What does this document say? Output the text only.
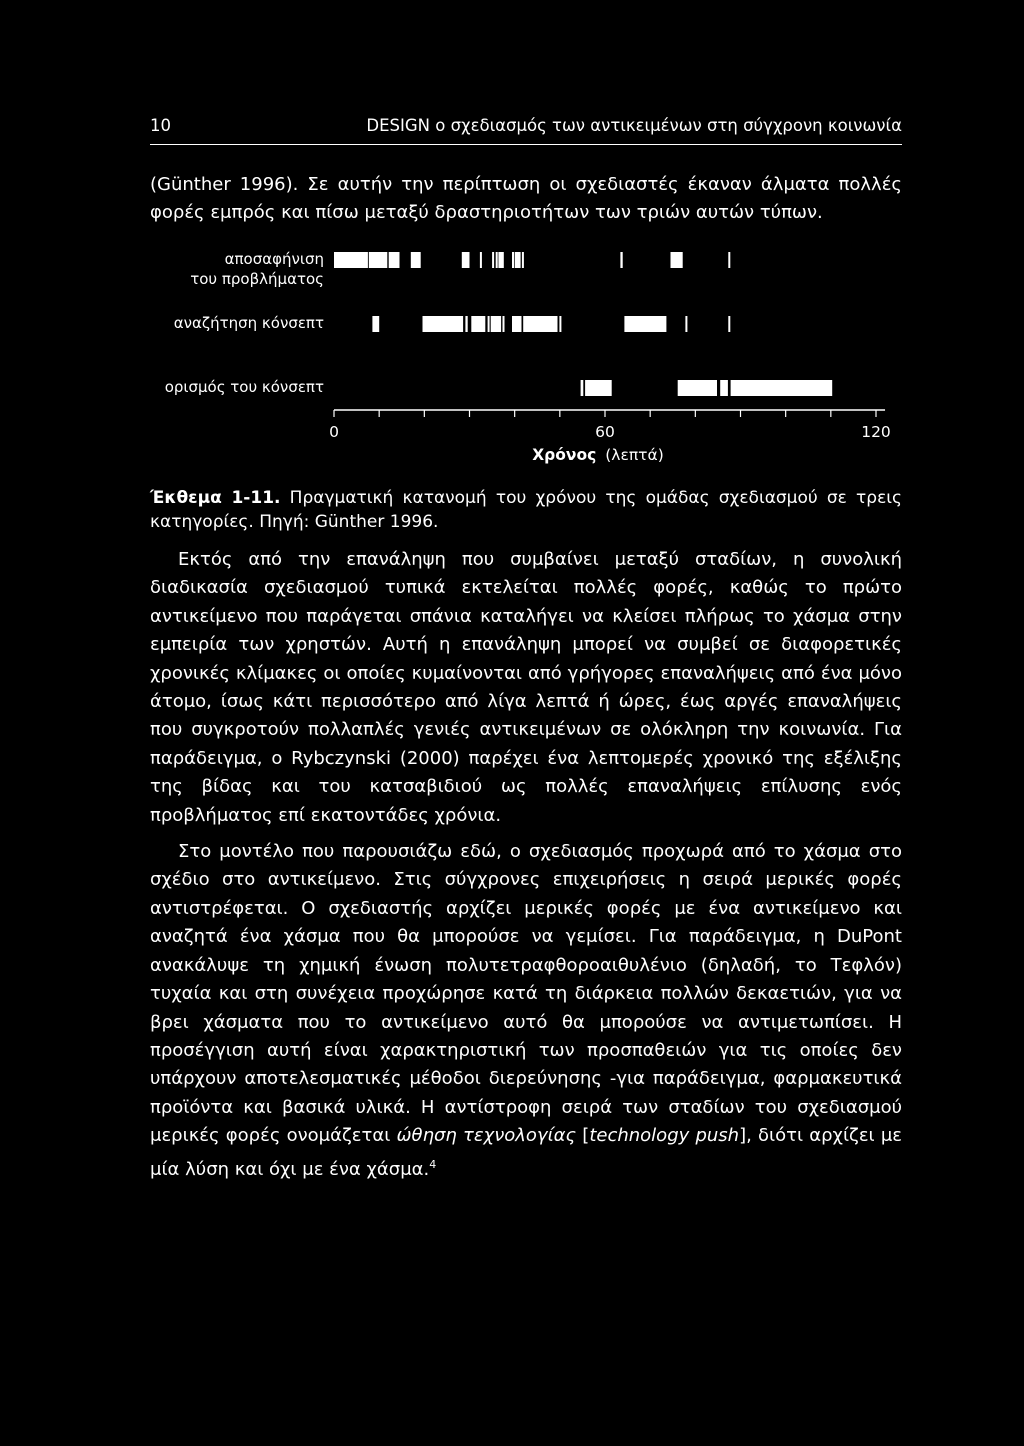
10	DESIGN ο σχεδιασμός των αντικειμένων στη σύγχρονη κοινωνία

(Günther 1996). Σε αυτήν την περίπτωση οι σχεδιαστές έκαναν άλματα πολλές φορές εμπρός και πίσω μεταξύ δραστηριοτήτων των τριών αυτών τύπων.

αποσαφήνιση
του προβλήματος
αναζήτηση κόνσεπτ
ορισμός του κόνσεπτ
0	60	120
Χρόνος (λεπτά)
Έκθεμα 1-11. Πραγματική κατανομή του χρόνου της ομάδας σχεδιασμού σε τρεις κατηγορίες. Πηγή: Günther 1996.

Εκτός από την επανάληψη που συμβαίνει μεταξύ σταδίων, η συνολική διαδικασία σχεδιασμού τυπικά εκτελείται πολλές φορές, καθώς το πρώτο αντικείμενο που παράγεται σπάνια καταλήγει να κλείσει πλήρως το χάσμα στην εμπειρία των χρηστών. Αυτή η επανάληψη μπορεί να συμβεί σε διαφορετικές χρονικές κλίμακες οι οποίες κυμαίνονται από γρήγορες επαναλήψεις από ένα μόνο άτομο, ίσως κάτι περισσότερο από λίγα λεπτά ή ώρες, έως αργές επαναλήψεις που συγκροτούν πολλαπλές γενιές αντικειμένων σε ολόκληρη την κοινωνία. Για παράδειγμα, ο Rybczynski (2000) παρέχει ένα λεπτομερές χρονικό της εξέλιξης της βίδας και του κατσαβιδιού ως πολλές επαναλήψεις επίλυσης ενός προβλήματος επί εκατοντάδες χρόνια.

Στο μοντέλο που παρουσιάζω εδώ, ο σχεδιασμός προχωρά από το χάσμα στο σχέδιο στο αντικείμενο. Στις σύγχρονες επιχειρήσεις η σειρά μερικές φορές αντιστρέφεται. Ο σχεδιαστής αρχίζει μερικές φορές με ένα αντικείμενο και αναζητά ένα χάσμα που θα μπορούσε να γεμίσει. Για παράδειγμα, η DuPont ανακάλυψε τη χημική ένωση πολυτετραφθοροαιθυλένιο (δηλαδή, το Τεφλόν) τυχαία και στη συνέχεια προχώρησε κατά τη διάρκεια πολλών δεκαετιών, για να βρει χάσματα που το αντικείμενο αυτό θα μπορούσε να αντιμετωπίσει. Η προσέγγιση αυτή είναι χαρακτηριστική των προσπαθειών για τις οποίες δεν υπάρχουν αποτελεσματικές μέθοδοι διερεύνησης -για παράδειγμα, φαρμακευτικά προϊόντα και βασικά υλικά. Η αντίστροφη σειρά των σταδίων του σχεδιασμού μερικές φορές ονομάζεται ώθηση τεχνολογίας [technology push], διότι αρχίζει με μία λύση και όχι με ένα χάσμα.$^4$
